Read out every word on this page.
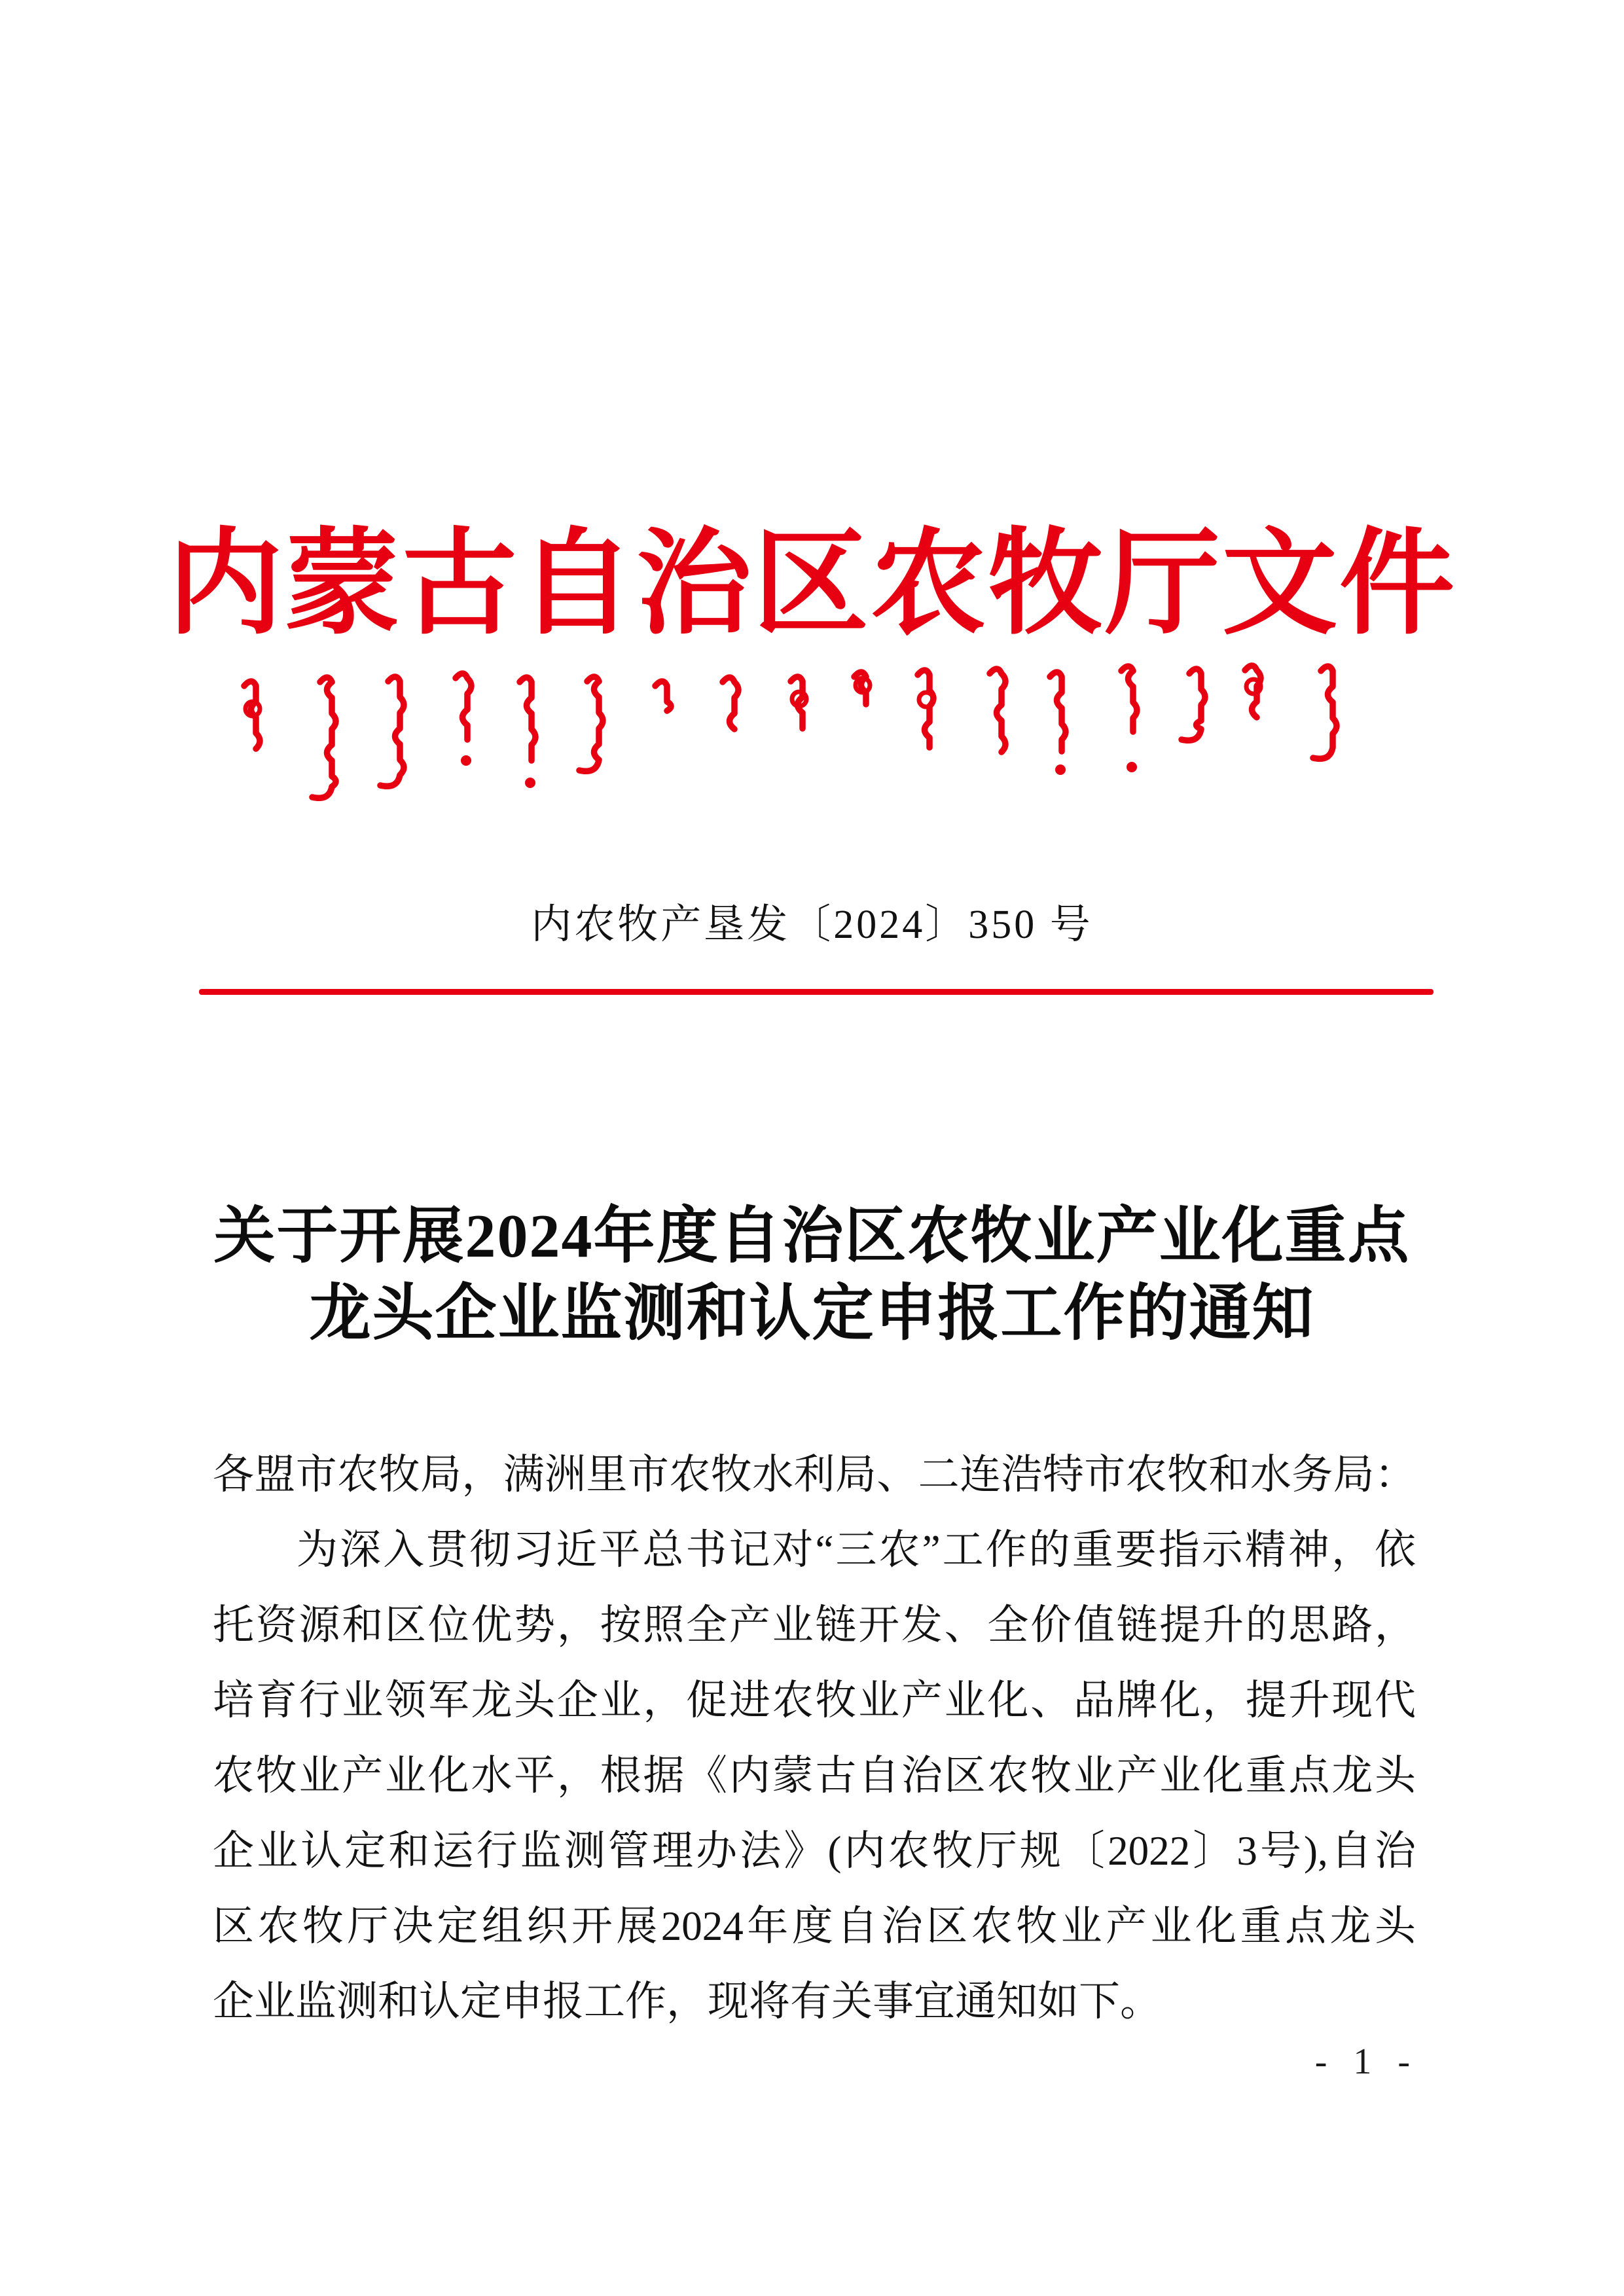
内蒙古自治区农牧厅文件
内农牧产垦发〔2024〕350 号
关于开展2024年度自治区农牧业产业化重点
龙头企业监测和认定申报工作的通知
各盟市农牧局，满洲里市农牧水利局、二连浩特市农牧和水务局：
为深入贯彻习近平总书记对“三农”工作的重要指示精神，依
托资源和区位优势，按照全产业链开发、全价值链提升的思路，
培育行业领军龙头企业，促进农牧业产业化、品牌化，提升现代
农牧业产业化水平，根据《内蒙古自治区农牧业产业化重点龙头
企业认定和运行监测管理办法》(内农牧厅规〔2022〕3号),自治
区农牧厅决定组织开展2024年度自治区农牧业产业化重点龙头
企业监测和认定申报工作，现将有关事宜通知如下。
- 1 -
